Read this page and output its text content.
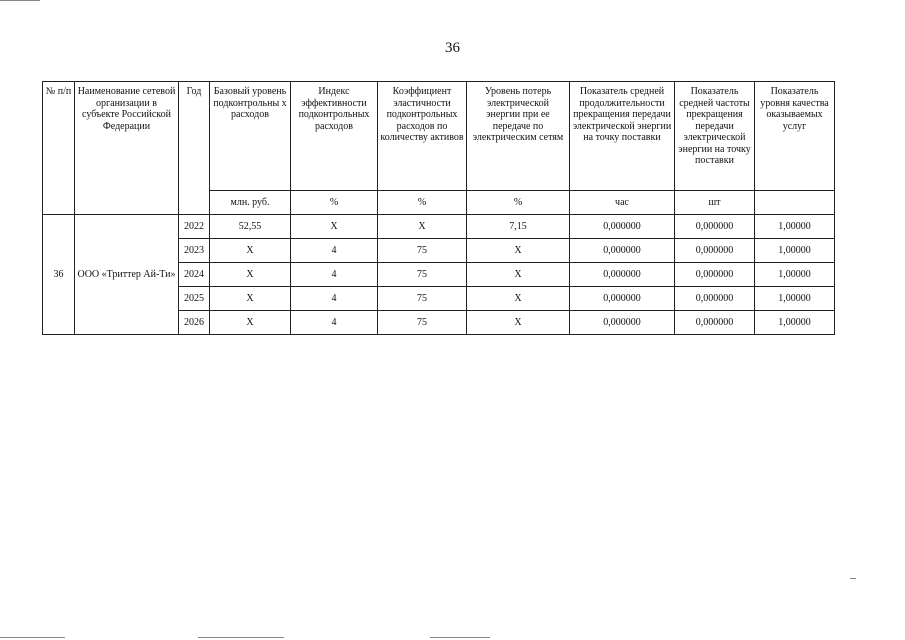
36
№ п/п	Наименование сетевой организации в субъекте Российской Федерации	Год	Базовый уровень подконтрольны х расходов	Индекс эффективности подконтрольных расходов	Коэффициент эластичности подконтрольных расходов по количеству активов	Уровень потерь электрической энергии при ее передаче по электрическим сетям	Показатель средней продолжительности прекращения передачи электрической энергии на точку поставки	Показатель средней частоты прекращения передачи электрической энергии на точку поставки	Показатель уровня качества оказываемых услуг
			млн. руб.	%	%	%	час	шт	
36	ООО «Триттер Ай-Ти»	2022	52,55	X	X	7,15	0,000000	0,000000	1,00000
		2023	X	4	75	X	0,000000	0,000000	1,00000
		2024	X	4	75	X	0,000000	0,000000	1,00000
		2025	X	4	75	X	0,000000	0,000000	1,00000
		2026	X	4	75	X	0,000000	0,000000	1,00000
